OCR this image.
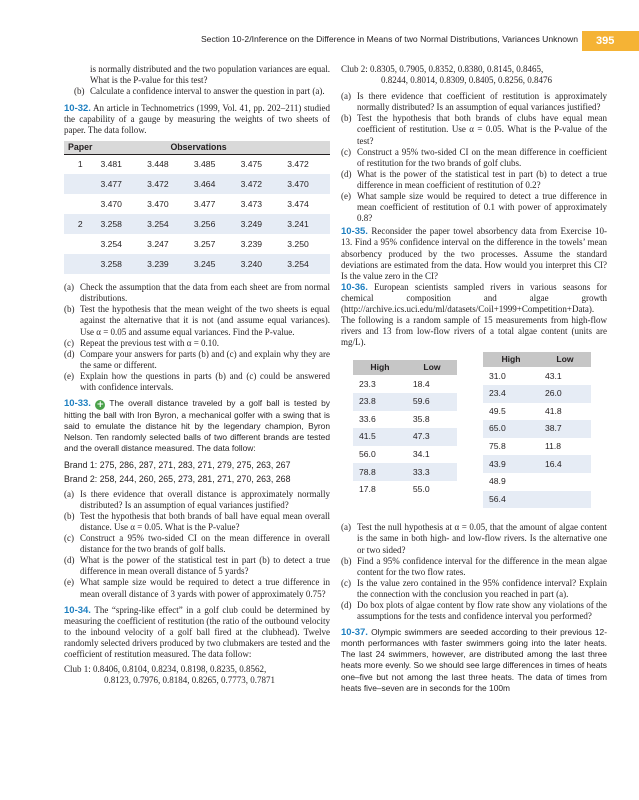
Section 10-2/Inference on the Difference in Means of two Normal Distributions, Variances Unknown	395

is normally distributed and the two population variances are equal. What is the P-value for this test?

(b) Calculate a confidence interval to answer the question in part (a).

10-32. An article in Technometrics (1999, Vol. 41, pp. 202–211) studied the capability of a gauge by measuring the weights of two sheets of paper. The data follow.

Paper	Observations				
1	3.481	3.448	3.485	3.475	3.472
	3.477	3.472	3.464	3.472	3.470
	3.470	3.470	3.477	3.473	3.474
2	3.258	3.254	3.256	3.249	3.241
	3.254	3.247	3.257	3.239	3.250
	3.258	3.239	3.245	3.240	3.254
(a) Check the assumption that the data from each sheet are from normal distributions.
(b) Test the hypothesis that the mean weight of the two sheets is equal against the alternative that it is not (and assume equal variances). Use α = 0.05 and assume equal variances. Find the P-value.
(c) Repeat the previous test with α = 0.10.
(d) Compare your answers for parts (b) and (c) and explain why they are the same or different.
(e) Explain how the questions in parts (b) and (c) could be answered with confidence intervals.

10-33. + The overall distance traveled by a golf ball is tested by hitting the ball with Iron Byron, a mechanical golfer with a swing that is said to emulate the distance hit by the legendary champion, Byron Nelson. Ten randomly selected balls of two different brands are tested and the overall distance measured. The data follow:

Brand 1: 275, 286, 287, 271, 283, 271, 279, 275, 263, 267
Brand 2: 258, 244, 260, 265, 273, 281, 271, 270, 263, 268
(a) Is there evidence that overall distance is approximately normally distributed? Is an assumption of equal variances justified?
(b) Test the hypothesis that both brands of ball have equal mean overall distance. Use α = 0.05. What is the P-value?
(c) Construct a 95% two-sided CI on the mean difference in overall distance for the two brands of golf balls.
(d) What is the power of the statistical test in part (b) to detect a true difference in mean overall distance of 5 yards?
(e) What sample size would be required to detect a true difference in mean overall distance of 3 yards with power of approximately 0.75?

10-34. The “spring-like effect” in a golf club could be determined by measuring the coefficient of restitution (the ratio of the outbound velocity to the inbound velocity of a golf ball fired at the clubhead). Twelve randomly selected drivers produced by two clubmakers are tested and the coefficient of restitution measured. The data follow:

Club 1: 0.8406, 0.8104, 0.8234, 0.8198, 0.8235, 0.8562,
0.8123, 0.7976, 0.8184, 0.8265, 0.7773, 0.7871
Club 2: 0.8305, 0.7905, 0.8352, 0.8380, 0.8145, 0.8465,
0.8244, 0.8014, 0.8309, 0.8405, 0.8256, 0.8476
(a) Is there evidence that coefficient of restitution is approximately normally distributed? Is an assumption of equal variances justified?
(b) Test the hypothesis that both brands of clubs have equal mean coefficient of restitution. Use α = 0.05. What is the P-value of the test?
(c) Construct a 95% two-sided CI on the mean difference in coefficient of restitution for the two brands of golf clubs.
(d) What is the power of the statistical test in part (b) to detect a true difference in mean coefficient of restitution of 0.2?
(e) What sample size would be required to detect a true difference in mean coefficient of restitution of 0.1 with power of approximately 0.8?

10-35. Reconsider the paper towel absorbency data from Exercise 10-13. Find a 95% confidence interval on the difference in the towels’ mean absorbency produced by the two processes. Assume the standard deviations are estimated from the data. How would you interpret this CI? Is the value zero in the CI?

10-36. European scientists sampled rivers in various seasons for chemical composition and algae growth (http://archive.ics.uci.edu/ml/datasets/Coil+1999+Competition+Data). The following is a random sample of 15 measurements from high-flow rivers and 13 from low-flow rivers of a total algae content (units are mg/L).

High	Low
23.3	18.4
23.8	59.6
33.6	35.8
41.5	47.3
56.0	34.1
78.8	33.3
17.8	55.0
High	Low
31.0	43.1
23.4	26.0
49.5	41.8
65.0	38.7
75.8	11.8
43.9	16.4
48.9	
56.4	
(a) Test the null hypothesis at α = 0.05, that the amount of algae content is the same in both high- and low-flow rivers. Is the alternative one or two sided?
(b) Find a 95% confidence interval for the difference in the mean algae content for the two flow rates.
(c) Is the value zero contained in the 95% confidence interval? Explain the connection with the conclusion you reached in part (a).
(d) Do box plots of algae content by flow rate show any violations of the assumptions for the tests and confidence interval you performed?

10-37. Olympic swimmers are seeded according to their previous 12-month performances with faster swimmers going into the later heats. The last 24 swimmers, however, are distributed among the last three heats more evenly. So we should see large differences in times of heats one–five but not among the last three heats. The data of times from heats five–seven are in seconds for the 100m
